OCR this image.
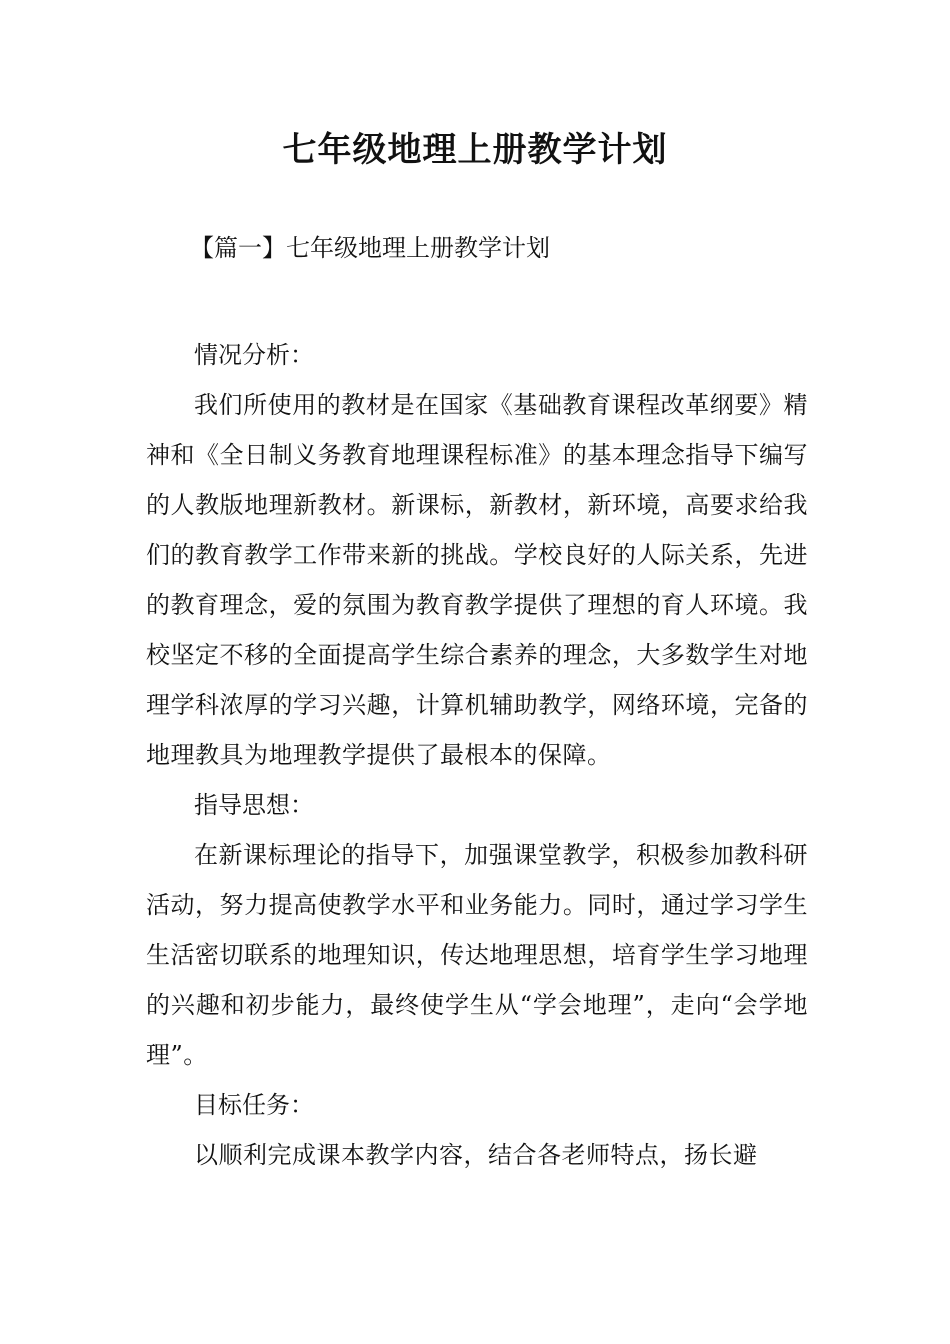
七年级地理上册教学计划

【篇一】七年级地理上册教学计划

情况分析：

我们所使用的教材是在国家《基础教育课程改革纲要》精神和《全日制义务教育地理课程标准》的基本理念指导下编写的人教版地理新教材。新课标，新教材，新环境，高要求给我们的教育教学工作带来新的挑战。学校良好的人际关系，先进的教育理念，爱的氛围为教育教学提供了理想的育人环境。我校坚定不移的全面提高学生综合素养的理念，大多数学生对地理学科浓厚的学习兴趣，计算机辅助教学，网络环境，完备的地理教具为地理教学提供了最根本的保障。

指导思想：

在新课标理论的指导下，加强课堂教学，积极参加教科研活动，努力提高使教学水平和业务能力。同时，通过学习学生生活密切联系的地理知识，传达地理思想，培育学生学习地理的兴趣和初步能力，最终使学生从“学会地理”，走向“会学地理”。

目标任务：

以顺利完成课本教学内容，结合各老师特点，扬长避
